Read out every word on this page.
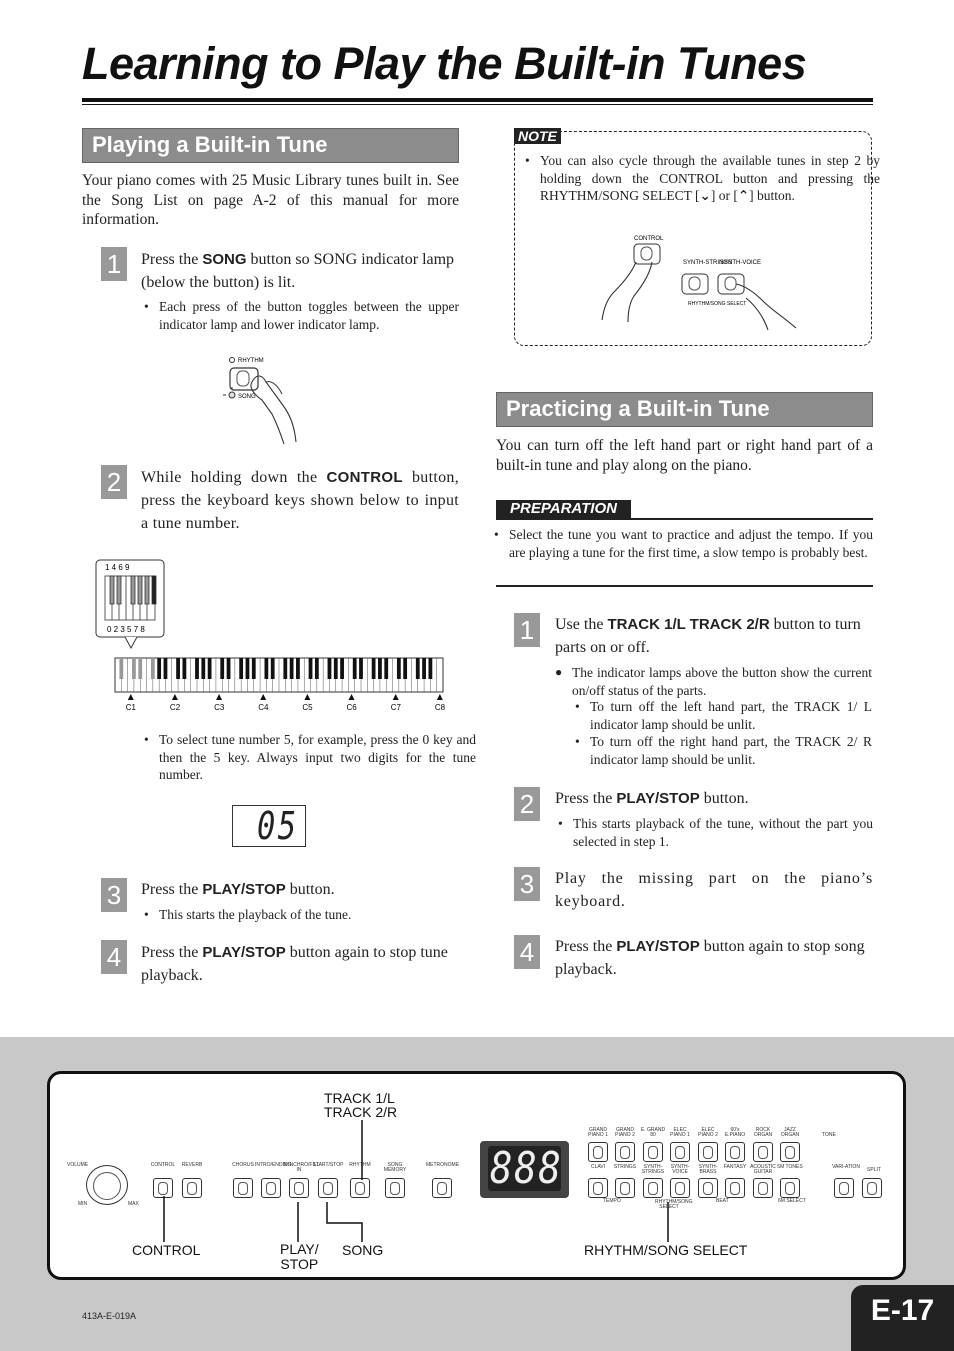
Learning to Play the Built-in Tunes
Playing a Built-in Tune
Your piano comes with 25 Music Library tunes built in. See the Song List on page A-2 of this manual for more information.
1	Press the SONG button so SONG indicator lamp (below the button) is lit.
• Each press of the button toggles between the upper indicator lamp and lower indicator lamp.
RHYTHM
SONG
2	While holding down the CONTROL button, press the keyboard keys shown below to input a tune number.
1 4 6 9
0 2 3 5 7 8
C1	C2	C3	C4	C5	C6	C7	C8
• To select tune number 5, for example, press the 0 key and then the 5 key. Always input two digits for the tune number.
05
3	Press the PLAY/STOP button.
• This starts the playback of the tune.
4	Press the PLAY/STOP button again to stop tune playback.
NOTE
• You can also cycle through the available tunes in step 2 by holding down the CONTROL button and pressing the RHYTHM/SONG SELECT [⌄] or [⌃] button.
CONTROL
SYNTH-STRINGS
SYNTH-VOICE
RHYTHM/SONG SELECT
Practicing a Built-in Tune
You can turn off the left hand part or right hand part of a built-in tune and play along on the piano.
PREPARATION
• Select the tune you want to practice and adjust the tempo. If you are playing a tune for the first time, a slow tempo is probably best.
1	Use the TRACK 1/L TRACK 2/R button to turn parts on or off.
● The indicator lamps above the button show the current on/off status of the parts.
• To turn off the left hand part, the TRACK 1/ L indicator lamp should be unlit.
• To turn off the right hand part, the TRACK 2/ R indicator lamp should be unlit.
2	Press the PLAY/STOP button.
• This starts playback of the tune, without the part you selected in step 1.
3	Play the missing part on the piano’s keyboard.
4	Press the PLAY/STOP button again to stop song playback.
TRACK 1/L
TRACK 2/R
VOLUME
MIN	MAX
CONTROL	REVERB	CHORUS INTRO/ENDING
SYNCHRO/FILL-IN
START/STOP	RHYTHM	SONG MEMORY
METRONOME 888
GRAND PIANO 1
GRAND PIANO 2
E. GRAND 80
ELEC PIANO 1
ELEC PIANO 2
60's E.PIANO
ROCK ORGAN
JAZZ ORGAN
CLAVI	STRINGS	SYNTH-STRINGS
SYNTH-VOICE
SYNTH-BRASS
FANTASY ACOUSTIC GUITAR
5M TONES
TONE
VARI-ATION	SPLIT
TEMPO	BEAT	6M SELECT
RHYTHM/SONG SELECT
CONTROL	PLAY/
STOP
SONG	RHYTHM/SONG SELECT
413A-E-019A	E-17
